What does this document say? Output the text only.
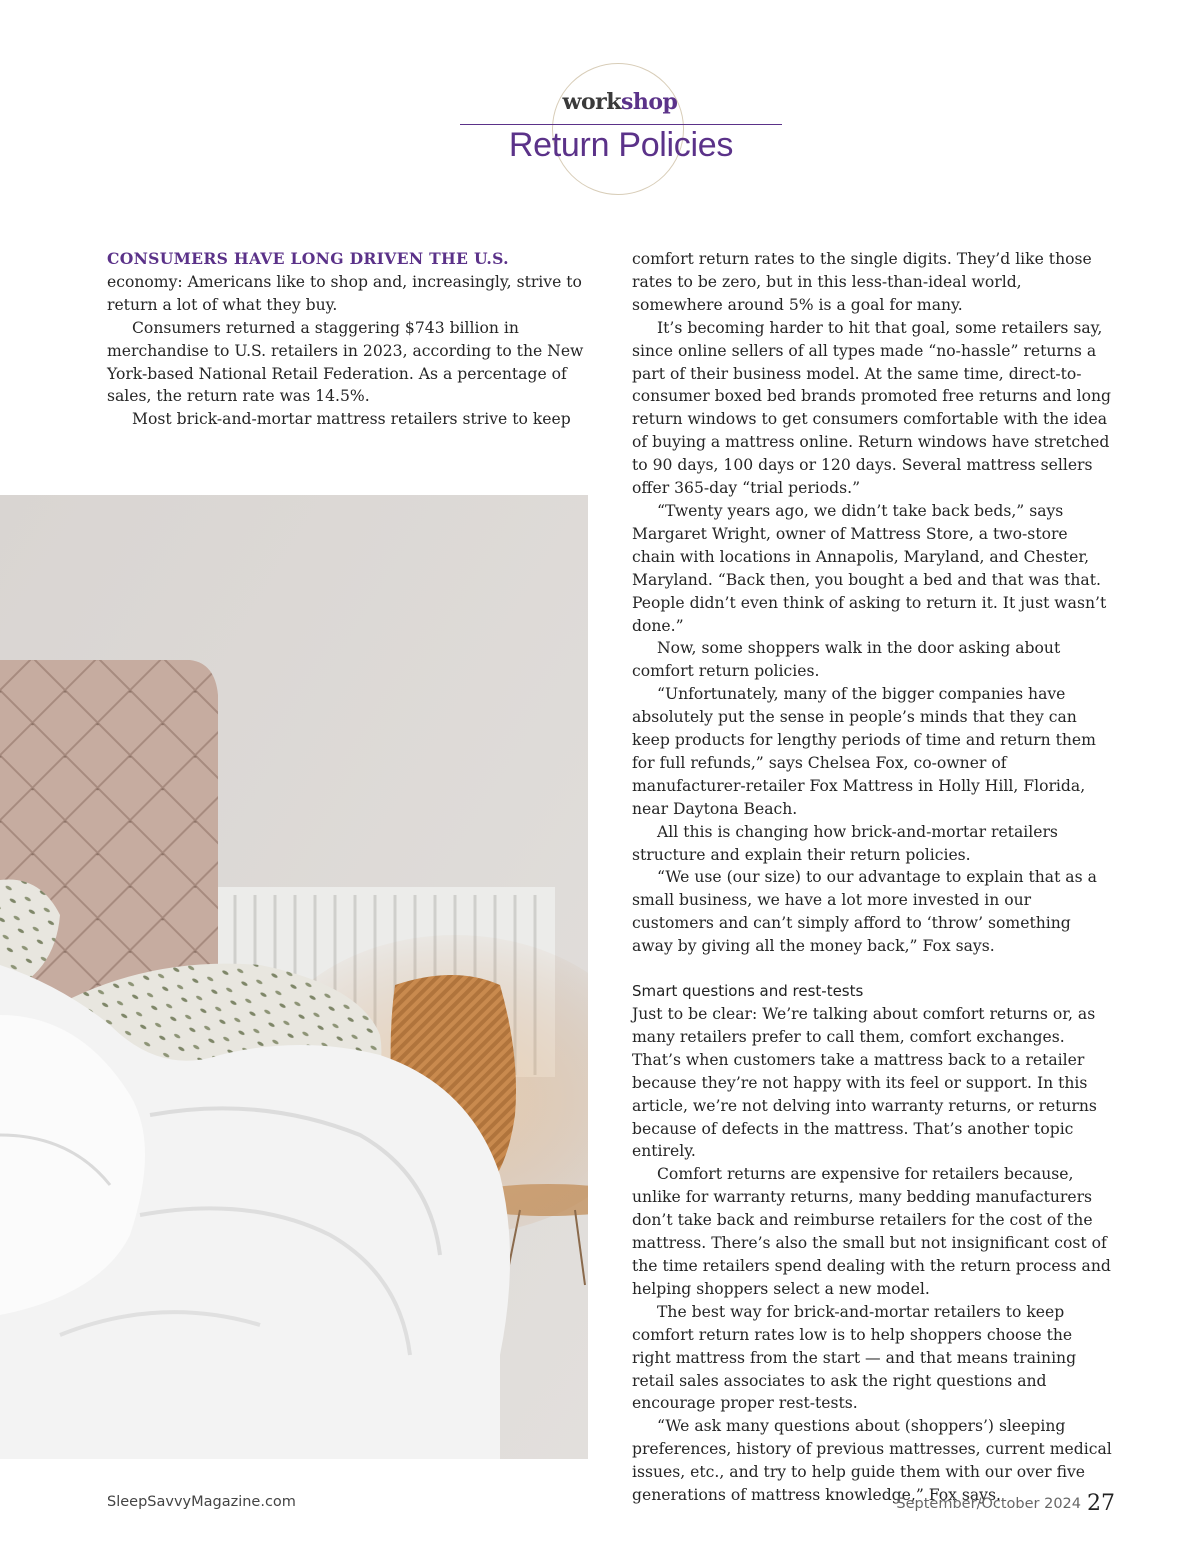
workshop
Return Policies

CONSUMERS HAVE LONG DRIVEN THE U.S.
economy: Americans like to shop and, increasingly, strive to return a lot of what they buy.

Consumers returned a staggering $743 billion in merchandise to U.S. retailers in 2023, according to the New York-based National Retail Federation. As a percentage of sales, the return rate was 14.5%.

Most brick-and-mortar mattress retailers strive to keep

comfort return rates to the single digits. They’d like those rates to be zero, but in this less-than-ideal world, somewhere around 5% is a goal for many.

It’s becoming harder to hit that goal, some retailers say, since online sellers of all types made “no-hassle” returns a part of their business model. At the same time, direct-to-consumer boxed bed brands promoted free returns and long return windows to get consumers comfortable with the idea of buying a mattress online. Return windows have stretched to 90 days, 100 days or 120 days. Several mattress sellers offer 365-day “trial periods.”

“Twenty years ago, we didn’t take back beds,” says Margaret Wright, owner of Mattress Store, a two-store chain with locations in Annapolis, Maryland, and Chester, Maryland. “Back then, you bought a bed and that was that. People didn’t even think of asking to return it. It just wasn’t done.”

Now, some shoppers walk in the door asking about comfort return policies.

“Unfortunately, many of the bigger companies have absolutely put the sense in people’s minds that they can keep products for lengthy periods of time and return them for full refunds,” says Chelsea Fox, co-owner of manufacturer-retailer Fox Mattress in Holly Hill, Florida, near Daytona Beach.

All this is changing how brick-and-mortar retailers structure and explain their return policies.

“We use (our size) to our advantage to explain that as a small business, we have a lot more invested in our customers and can’t simply afford to ‘throw’ something away by giving all the money back,” Fox says.

Smart questions and rest-tests

Just to be clear: We’re talking about comfort returns or, as many retailers prefer to call them, comfort exchanges. That’s when customers take a mattress back to a retailer because they’re not happy with its feel or support. In this article, we’re not delving into warranty returns, or returns because of defects in the mattress. That’s another topic entirely.

Comfort returns are expensive for retailers because, unlike for warranty returns, many bedding manufacturers don’t take back and reimburse retailers for the cost of the mattress. There’s also the small but not insignificant cost of the time retailers spend dealing with the return process and helping shoppers select a new model.

The best way for brick-and-mortar retailers to keep comfort return rates low is to help shoppers choose the right mattress from the start — and that means training retail sales associates to ask the right questions and encourage proper rest-tests.

“We ask many questions about (shoppers’) sleeping preferences, history of previous mattresses, current medical issues, etc., and try to help guide them with our over five generations of mattress knowledge,” Fox says.

SleepSavvyMagazine.com	September/October 2024 27
